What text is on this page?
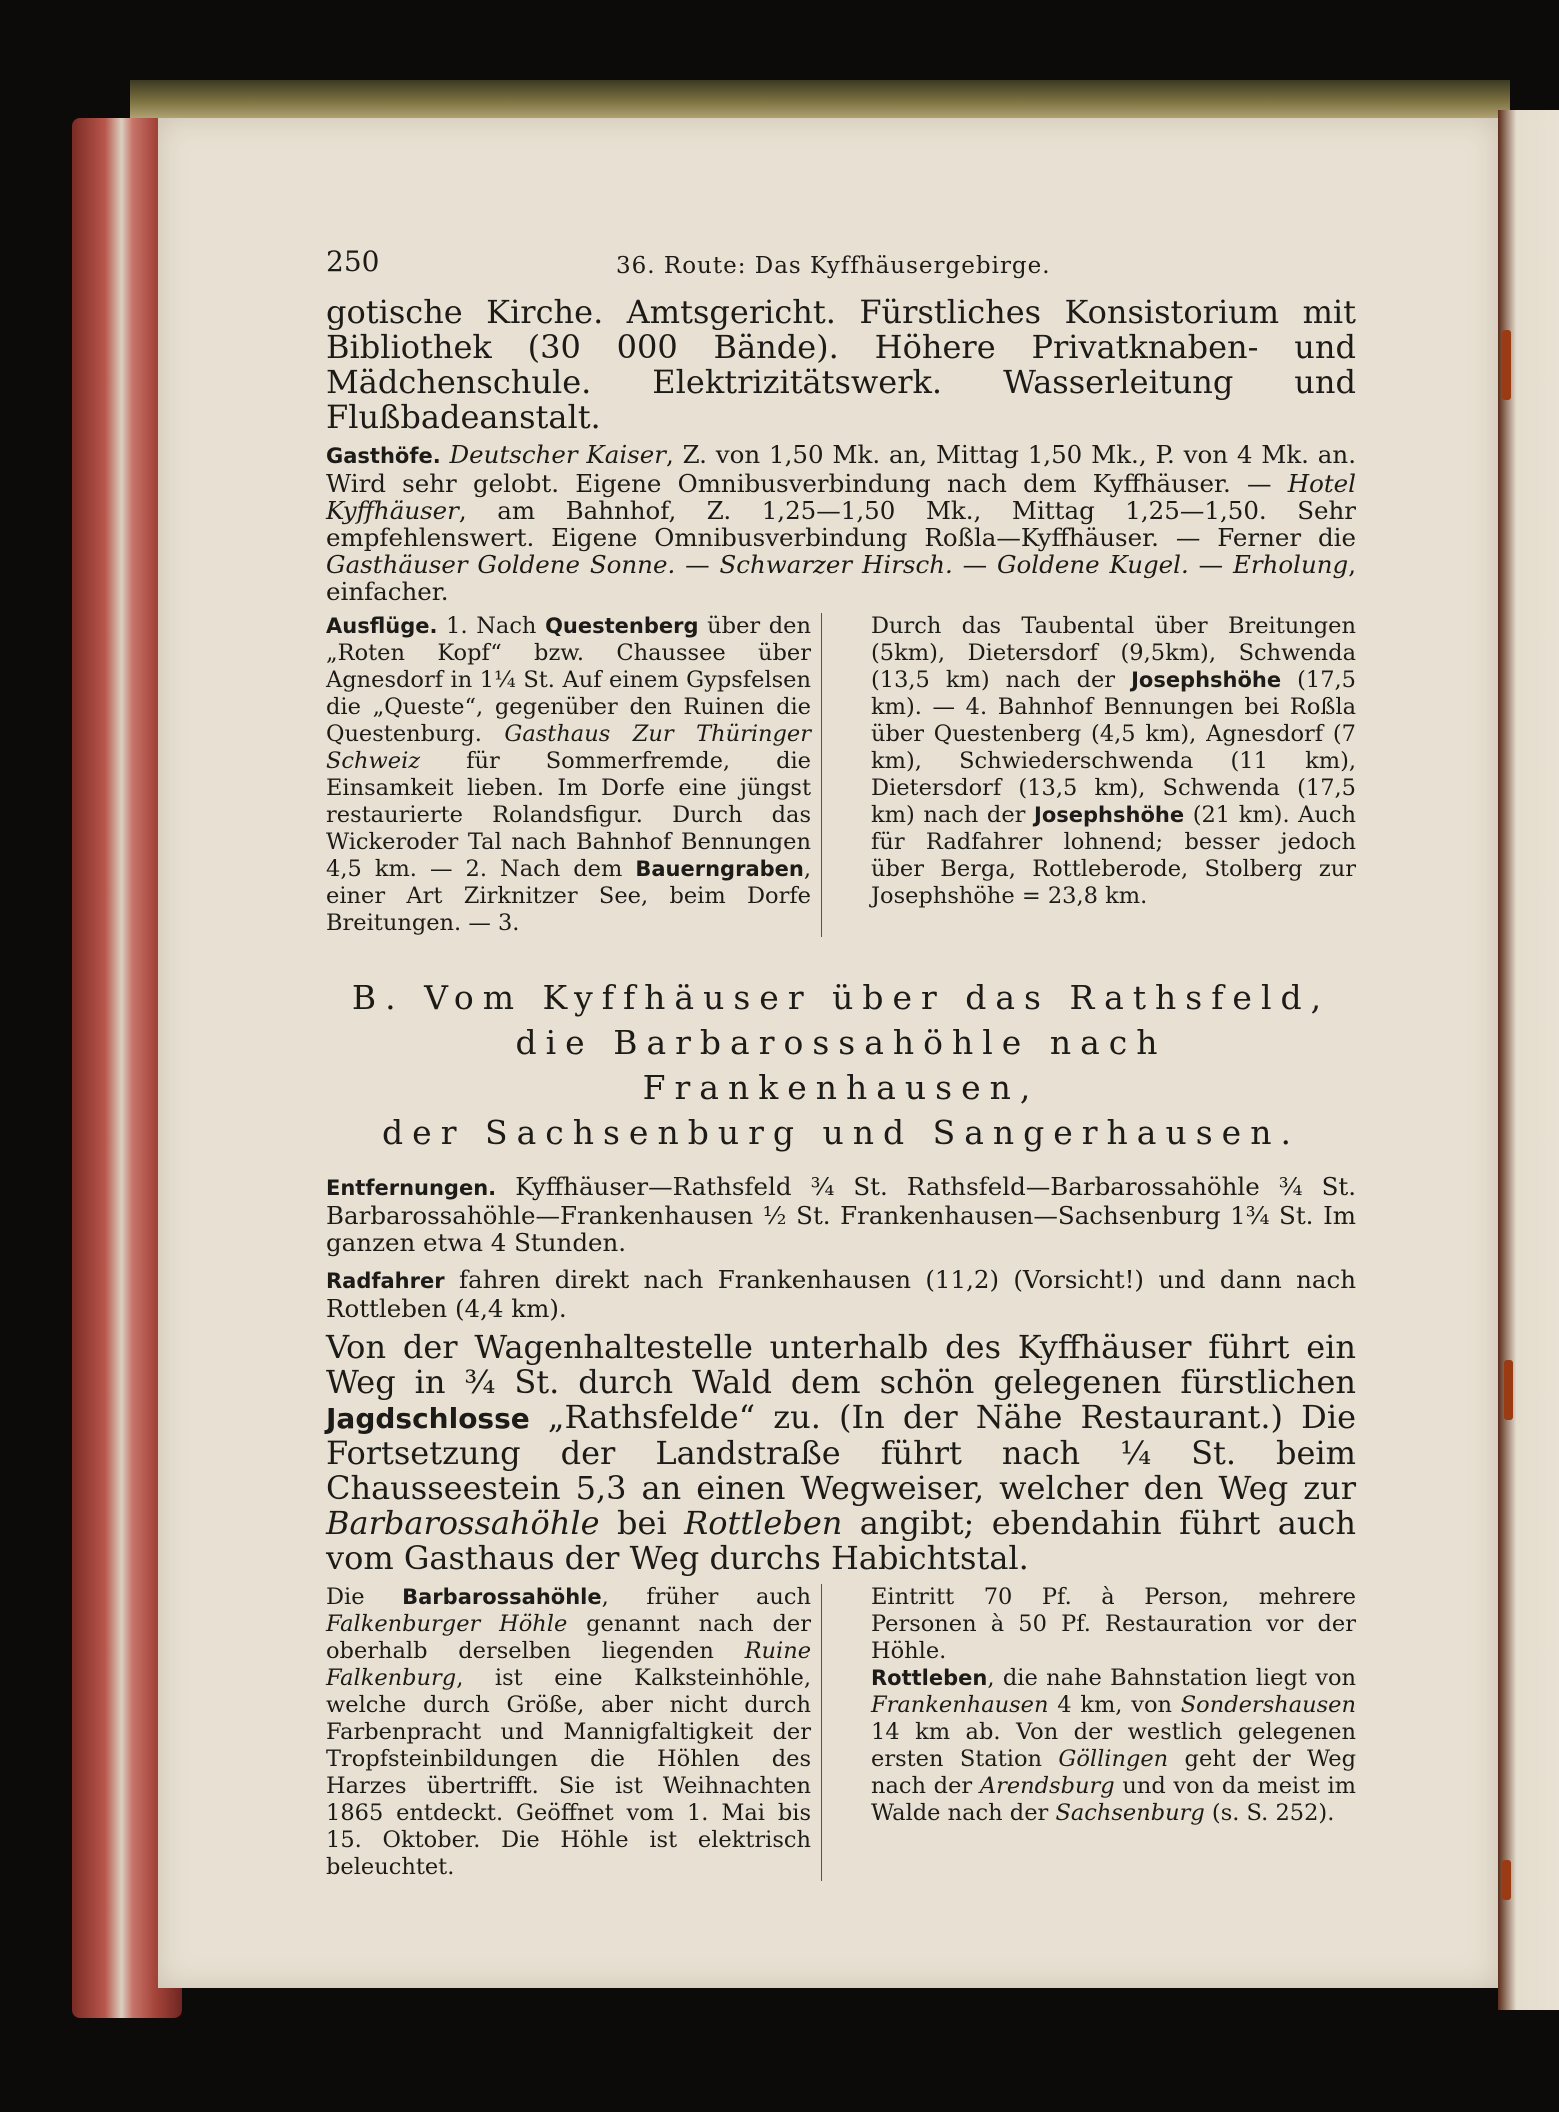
250	36. Route: Das Kyffhäusergebirge.

gotische Kirche. Amtsgericht. Fürstliches Konsistorium mit Bibliothek (30 000 Bände). Höhere Privatknaben- und Mädchenschule. Elektrizitätswerk. Wasserleitung und Flußbadeanstalt.

Gasthöfe. Deutscher Kaiser, Z. von 1,50 Mk. an, Mittag 1,50 Mk., P. von 4 Mk. an. Wird sehr gelobt. Eigene Omnibusverbindung nach dem Kyffhäuser. — Hotel Kyffhäuser, am Bahnhof, Z. 1,25—1,50 Mk., Mittag 1,25—1,50. Sehr empfehlenswert. Eigene Omnibusverbindung Roßla—Kyffhäuser. — Ferner die Gasthäuser Goldene Sonne. — Schwarzer Hirsch. — Goldene Kugel. — Erholung, einfacher.

Ausflüge. 1. Nach Questenberg über den „Roten Kopf“ bzw. Chaussee über Agnesdorf in 1¼ St. Auf einem Gypsfelsen die „Queste“, gegenüber den Ruinen die Questenburg. Gasthaus Zur Thüringer Schweiz für Sommerfremde, die Einsamkeit lieben. Im Dorfe eine jüngst restaurierte Rolandsfigur. Durch das Wickeroder Tal nach Bahnhof Bennungen 4,5 km. — 2. Nach dem Bauerngraben, einer Art Zirknitzer See, beim Dorfe Breitungen. — 3.

Durch das Taubental über Breitungen (5km), Dietersdorf (9,5km), Schwenda (13,5 km) nach der Josephshöhe (17,5 km). — 4. Bahnhof Bennungen bei Roßla über Questenberg (4,5 km), Agnesdorf (7 km), Schwiederschwenda (11 km), Dietersdorf (13,5 km), Schwenda (17,5 km) nach der Josephshöhe (21 km). Auch für Radfahrer lohnend; besser jedoch über Berga, Rottleberode, Stolberg zur Josephshöhe = 23,8 km.

B. Vom Kyffhäuser über das Rathsfeld,
die Barbarossahöhle nach Frankenhausen,
der Sachsenburg und Sangerhausen.

Entfernungen. Kyffhäuser—Rathsfeld ¾ St. Rathsfeld—Barbarossahöhle ¾ St. Barbarossahöhle—Frankenhausen ½ St. Frankenhausen—Sachsenburg 1¾ St. Im ganzen etwa 4 Stunden.

Radfahrer fahren direkt nach Frankenhausen (11,2) (Vorsicht!) und dann nach Rottleben (4,4 km).

Von der Wagenhaltestelle unterhalb des Kyffhäuser führt ein Weg in ¾ St. durch Wald dem schön gelegenen fürstlichen Jagdschlosse „Rathsfelde“ zu. (In der Nähe Restaurant.) Die Fortsetzung der Landstraße führt nach ¼ St. beim Chausseestein 5,3 an einen Wegweiser, welcher den Weg zur Barbarossahöhle bei Rottleben angibt; ebendahin führt auch vom Gasthaus der Weg durchs Habichtstal.

Die Barbarossahöhle, früher auch Falkenburger Höhle genannt nach der oberhalb derselben liegenden Ruine Falkenburg, ist eine Kalksteinhöhle, welche durch Größe, aber nicht durch Farbenpracht und Mannigfaltigkeit der Tropfsteinbildungen die Höhlen des Harzes übertrifft. Sie ist Weihnachten 1865 entdeckt. Geöffnet vom 1. Mai bis 15. Oktober. Die Höhle ist elektrisch beleuchtet.

Eintritt 70 Pf. à Person, mehrere Personen à 50 Pf. Restauration vor der Höhle.

Rottleben, die nahe Bahnstation liegt von Frankenhausen 4 km, von Sondershausen 14 km ab. Von der westlich gelegenen ersten Station Göllingen geht der Weg nach der Arendsburg und von da meist im Walde nach der Sachsenburg (s. S. 252).
